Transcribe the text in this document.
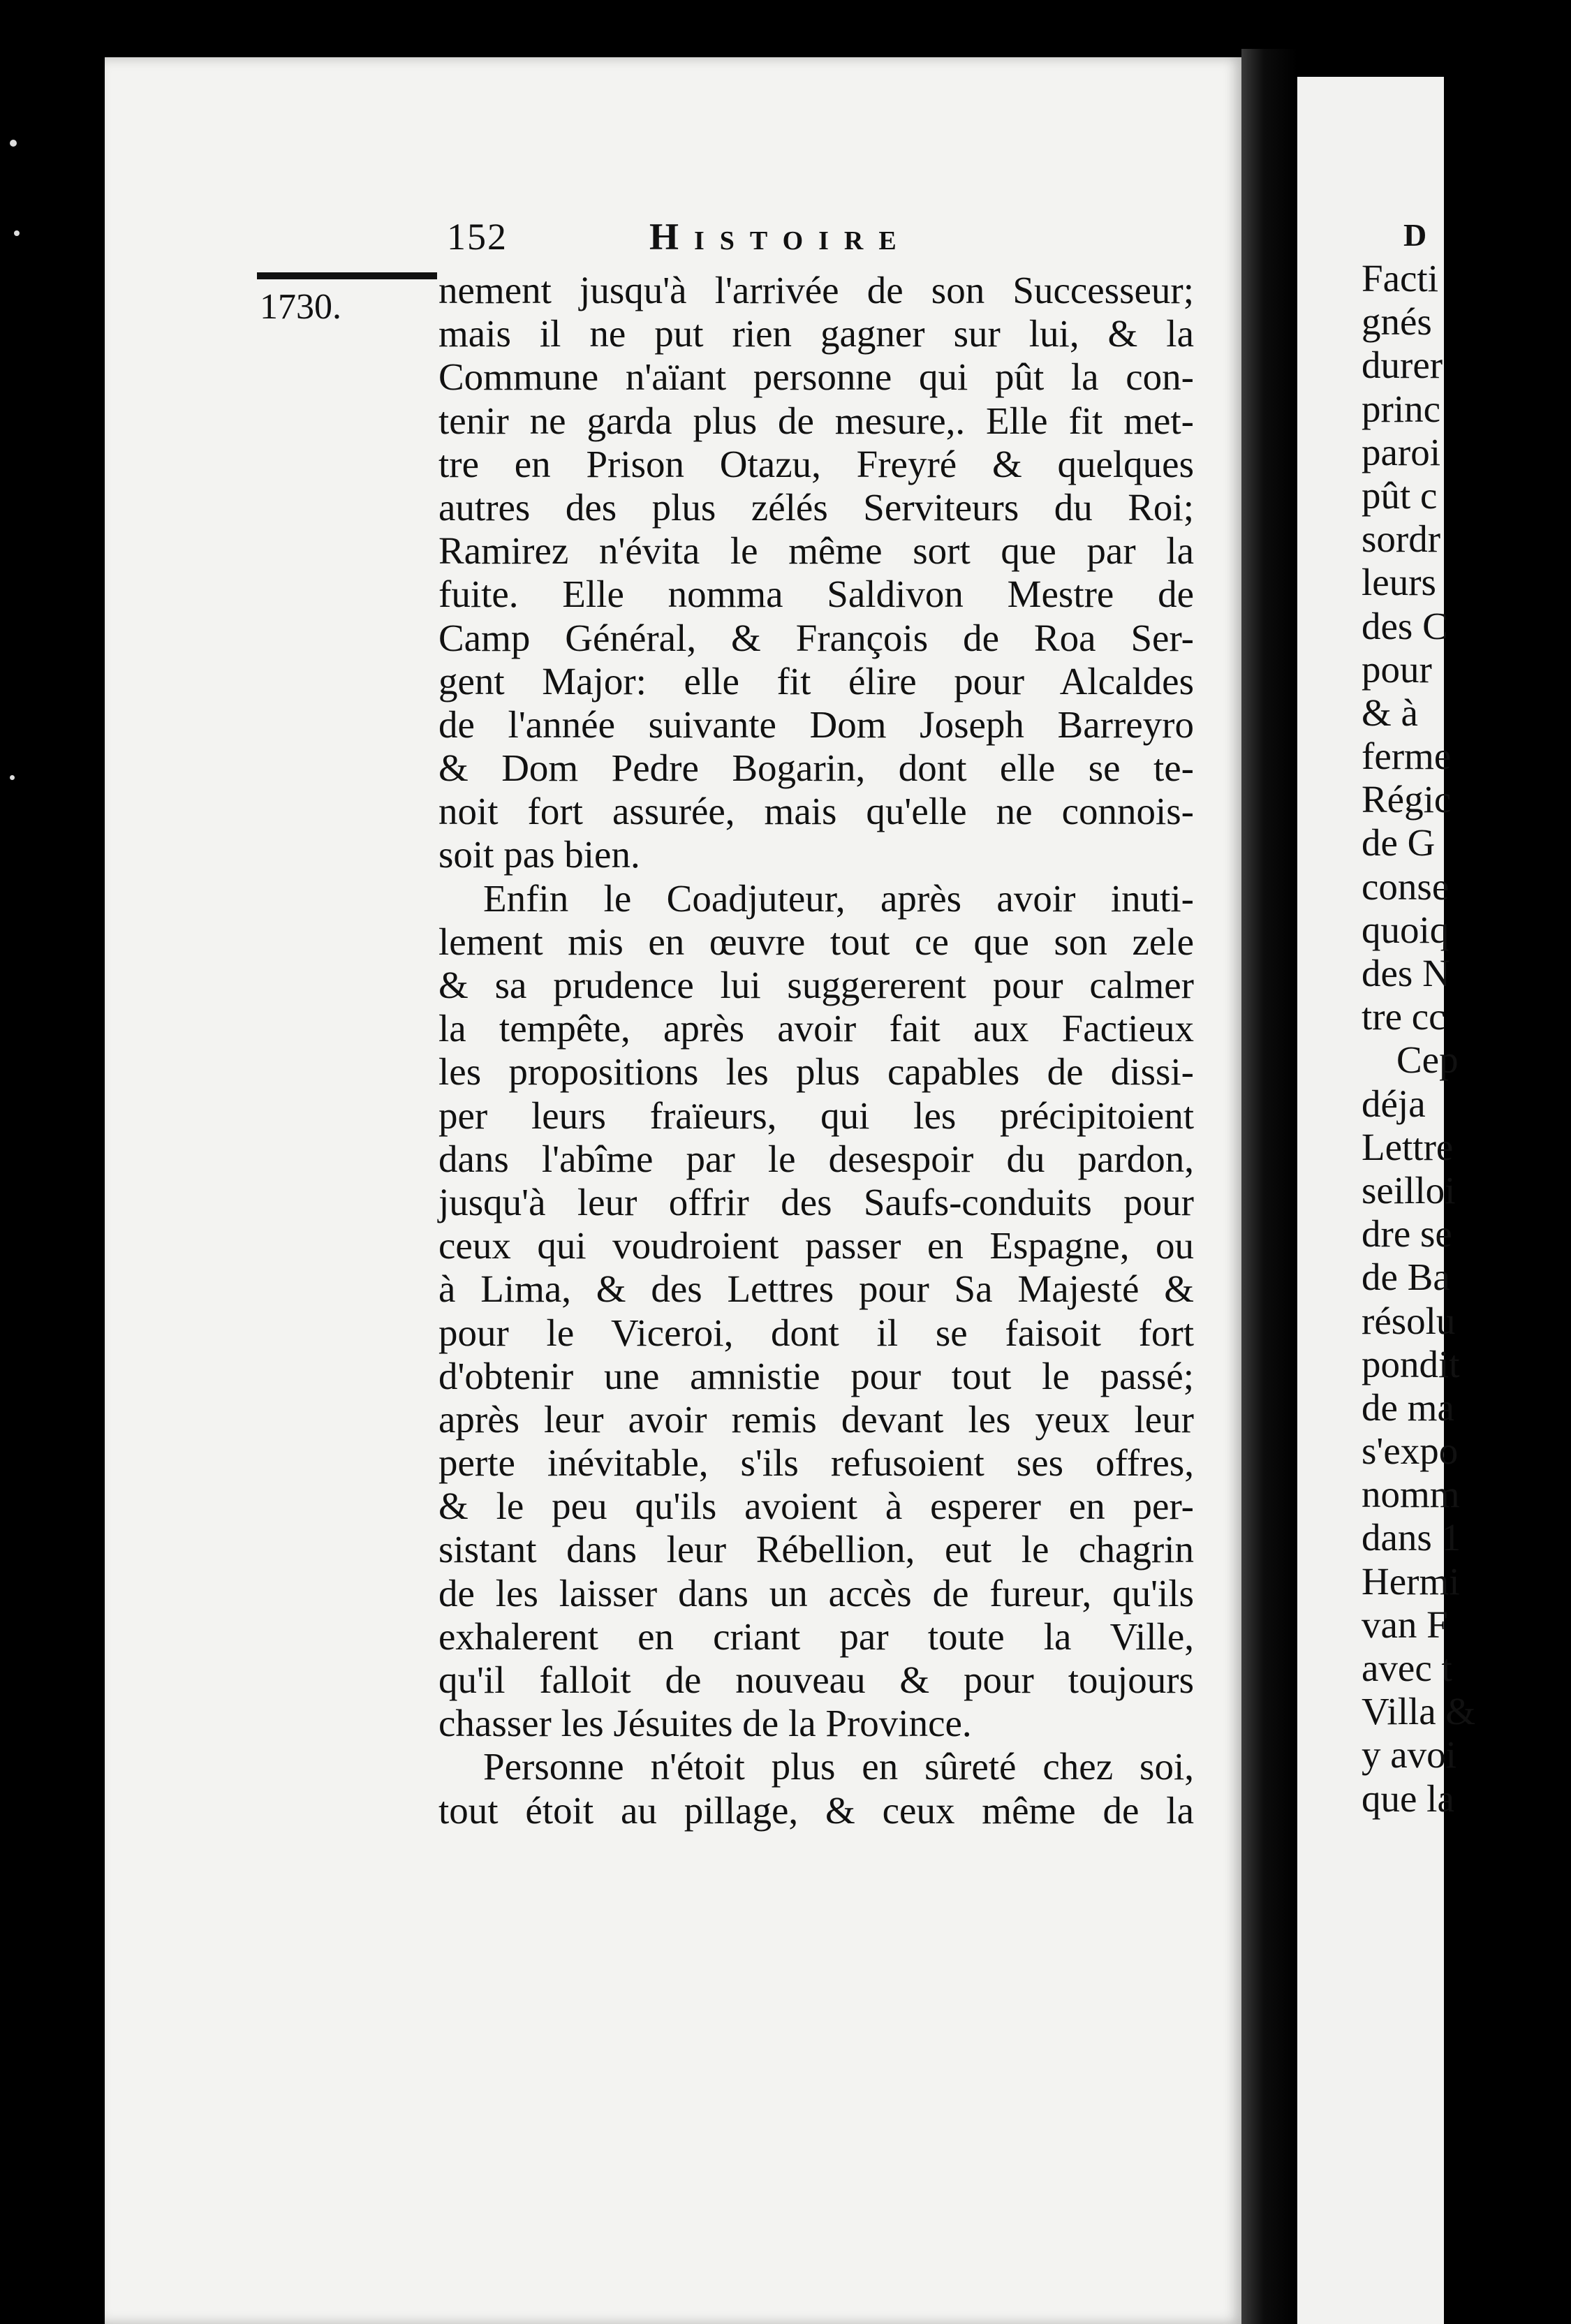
152	Histoire
1730.	nement jusqu'à l'arrivée de son Successeur;
mais il ne put rien gagner sur lui, & la
Commune n'aïant personne qui pût la con-
tenir ne garda plus de mesure,. Elle fit met-
tre en Prison Otazu, Freyré & quelques
autres des plus zélés Serviteurs du Roi;
Ramirez n'évita le même sort que par la
fuite. Elle nomma Saldivon Mestre de
Camp Général, & François de Roa Ser-
gent Major: elle fit élire pour Alcaldes
de l'année suivante Dom Joseph Barreyro
& Dom Pedre Bogarin, dont elle se te-
noit fort assurée, mais qu'elle ne connois-
soit pas bien.
Enfin le Coadjuteur, après avoir inuti-
lement mis en œuvre tout ce que son zele
& sa prudence lui suggererent pour calmer
la tempête, après avoir fait aux Factieux
les propositions les plus capables de dissi-
per leurs fraïeurs, qui les précipitoient
dans l'abîme par le desespoir du pardon,
jusqu'à leur offrir des Saufs-conduits pour
ceux qui voudroient passer en Espagne, ou
à Lima, & des Lettres pour Sa Majesté &
pour le Viceroi, dont il se faisoit fort
d'obtenir une amnistie pour tout le passé;
après leur avoir remis devant les yeux leur
perte inévitable, s'ils refusoient ses offres,
& le peu qu'ils avoient à esperer en per-
sistant dans leur Rébellion, eut le chagrin
de les laisser dans un accès de fureur, qu'ils
exhalerent en criant par toute la Ville,
qu'il falloit de nouveau & pour toujours
chasser les Jésuites de la Province.
Personne n'étoit plus en sûreté chez soi,
tout étoit au pillage, & ceux même de la
D
Facti
gnés
durer
princ
paroi
pût c
sordr
leurs
des C
pour
& à
ferme
Régic
de G
conse
quoiq
des N
tre cc
Cep
déja
Lettre
seilloi
dre se
de Ba
résolu
pondit
de ma
s'expo
nomm
dans 1
Hermi
van F
avec t
Villa &
y avoi
que la
